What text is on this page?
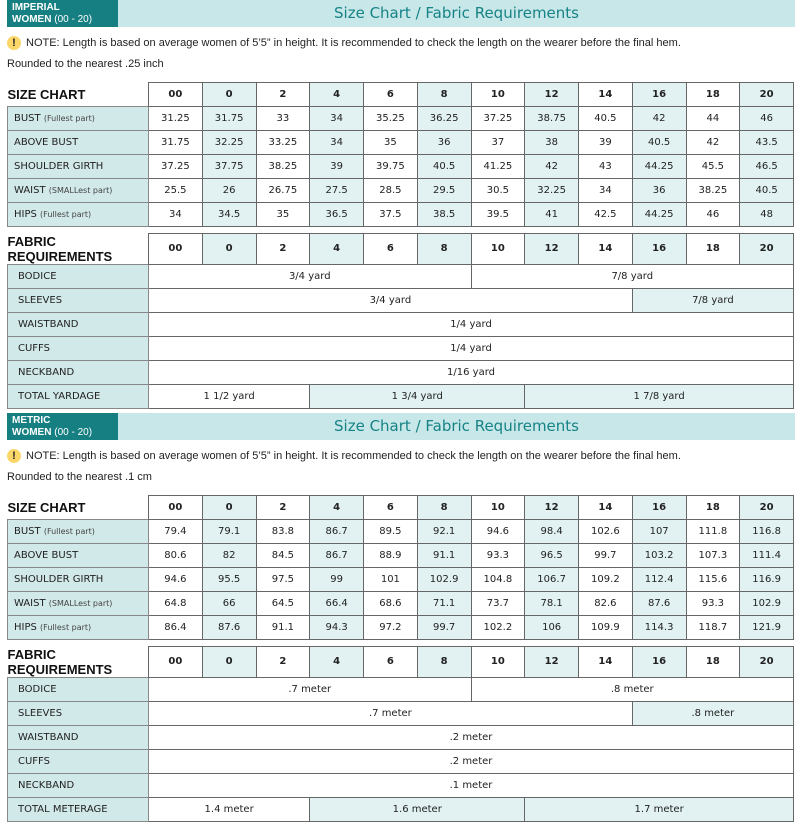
IMPERIAL
WOMEN (00 - 20)	Size Chart / Fabric Requirements
! NOTE: Length is based on average women of 5’5” in height. It is recommended to check the length on the wearer before the final hem.
Rounded to the nearest .25 inch
SIZE CHART	00	0	2	4	6	8	10	12	14	16	18	20
BUST (Fullest part)	31.25	31.75	33	34	35.25	36.25	37.25	38.75	40.5	42	44	46
ABOVE BUST	31.75	32.25	33.25	34	35	36	37	38	39	40.5	42	43.5
SHOULDER GIRTH	37.25	37.75	38.25	39	39.75	40.5	41.25	42	43	44.25	45.5	46.5
WAIST (SMALLest part)	25.5	26	26.75	27.5	28.5	29.5	30.5	32.25	34	36	38.25	40.5
HIPS (Fullest part)	34	34.5	35	36.5	37.5	38.5	39.5	41	42.5	44.25	46	48
FABRIC REQUIREMENTS	00	0	2	4	6	8	10	12	14	16	18	20
BODICE	3/4 yard						7/8 yard					
SLEEVES	3/4 yard									7/8 yard		
WAISTBAND	1/4 yard											
CUFFS	1/4 yard											
NECKBAND	1/16 yard											
TOTAL YARDAGE	1 1/2 yard			1 3/4 yard				1 7/8 yard				
METRIC
WOMEN (00 - 20)	Size Chart / Fabric Requirements
! NOTE: Length is based on average women of 5’5” in height. It is recommended to check the length on the wearer before the final hem.
Rounded to the nearest .1 cm
SIZE CHART	00	0	2	4	6	8	10	12	14	16	18	20
BUST (Fullest part)	79.4	79.1	83.8	86.7	89.5	92.1	94.6	98.4	102.6	107	111.8	116.8
ABOVE BUST	80.6	82	84.5	86.7	88.9	91.1	93.3	96.5	99.7	103.2	107.3	111.4
SHOULDER GIRTH	94.6	95.5	97.5	99	101	102.9	104.8	106.7	109.2	112.4	115.6	116.9
WAIST (SMALLest part)	64.8	66	64.5	66.4	68.6	71.1	73.7	78.1	82.6	87.6	93.3	102.9
HIPS (Fullest part)	86.4	87.6	91.1	94.3	97.2	99.7	102.2	106	109.9	114.3	118.7	121.9
FABRIC REQUIREMENTS	00	0	2	4	6	8	10	12	14	16	18	20
BODICE	.7 meter						.8 meter					
SLEEVES	.7 meter									.8 meter		
WAISTBAND	.2 meter											
CUFFS	.2 meter											
NECKBAND	.1 meter											
TOTAL METERAGE	1.4 meter			1.6 meter				1.7 meter				
